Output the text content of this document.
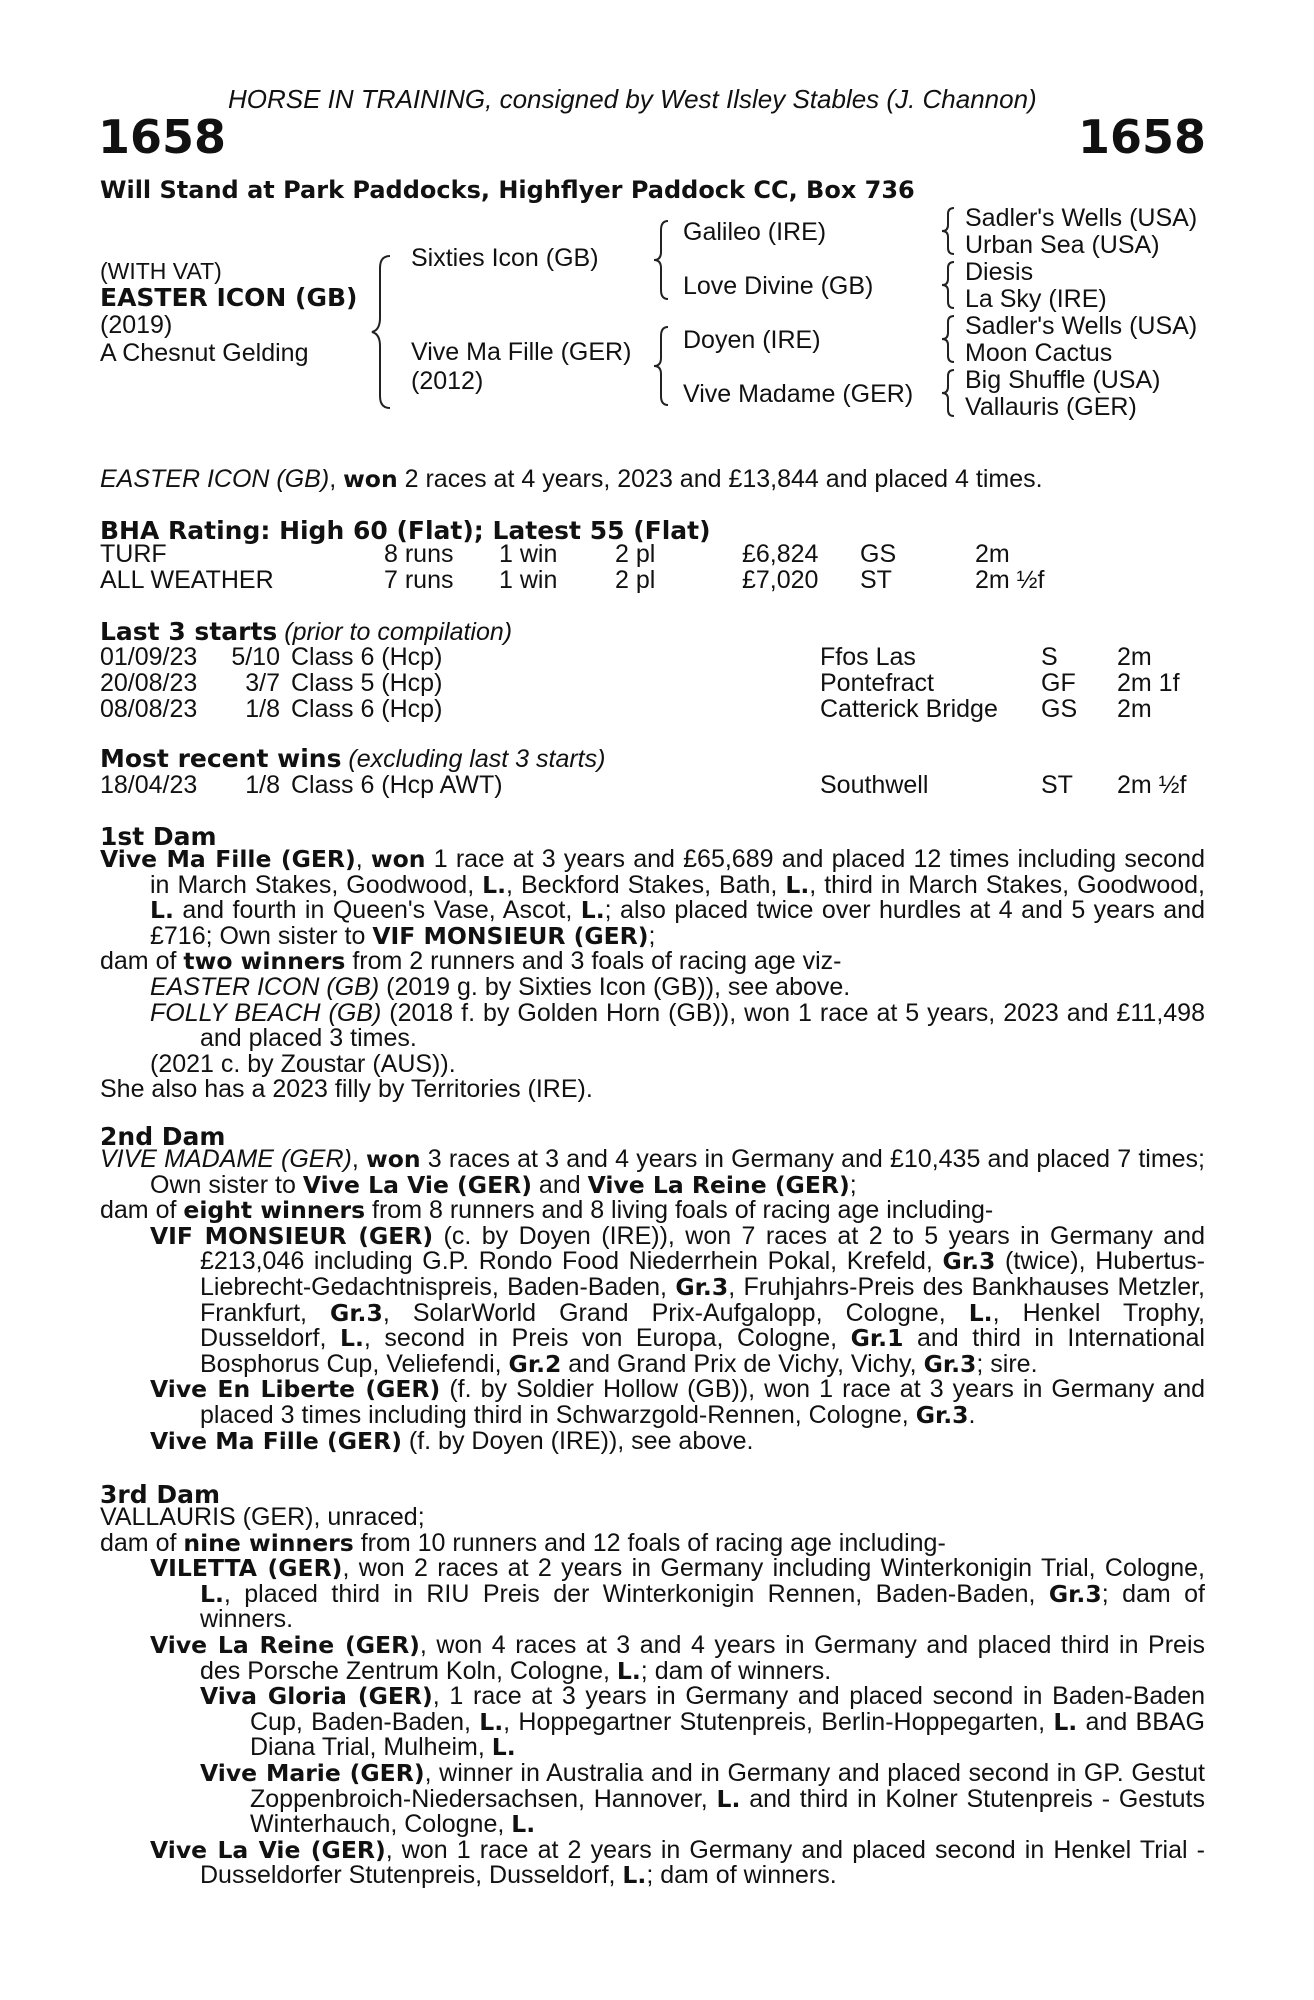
HORSE IN TRAINING, consigned by West Ilsley Stables (J. Channon)
1658	1658
Will Stand at Park Paddocks, Highflyer Paddock CC, Box 736
(WITH VAT)
EASTER ICON (GB)
(2019)
A Chesnut Gelding
Sixties Icon (GB)
Vive Ma Fille (GER)
(2012)
Galileo (IRE)
Love Divine (GB)
Doyen (IRE)
Vive Madame (GER)
Sadler's Wells (USA)
Urban Sea (USA)
Diesis
La Sky (IRE)
Sadler's Wells (USA)
Moon Cactus
Big Shuffle (USA)
Vallauris (GER)
EASTER ICON (GB), won 2 races at 4 years, 2023 and £13,844 and placed 4 times.
BHA Rating: High 60 (Flat); Latest 55 (Flat)
TURF	8 runs 1 win 2 pl	£6,824 GS	2m
ALL WEATHER	7 runs 1 win 2 pl	£7,020 ST	2m ½f
Last 3 starts (prior to compilation)
01/09/23	5/10 Class 6 (Hcp)	Ffos Las	S 2m
20/08/23	3/7 Class 5 (Hcp)	Pontefract	GF 2m 1f
08/08/23	1/8 Class 6 (Hcp)	Catterick Bridge GS 2m
Most recent wins (excluding last 3 starts)
18/04/23	1/8 Class 6 (Hcp AWT)	Southwell	ST 2m ½f
1st Dam

Vive Ma Fille (GER), won 1 race at 3 years and £65,689 and placed 12 times including second in March Stakes, Goodwood, L., Beckford Stakes, Bath, L., third in March Stakes, Goodwood, L. and fourth in Queen's Vase, Ascot, L.; also placed twice over hurdles at 4 and 5 years and £716; Own sister to VIF MONSIEUR (GER);

dam of two winners from 2 runners and 3 foals of racing age viz-

EASTER ICON (GB) (2019 g. by Sixties Icon (GB)), see above.

FOLLY BEACH (GB) (2018 f. by Golden Horn (GB)), won 1 race at 5 years, 2023 and £11,498 and placed 3 times.

(2021 c. by Zoustar (AUS)).

She also has a 2023 filly by Territories (IRE).

2nd Dam

VIVE MADAME (GER), won 3 races at 3 and 4 years in Germany and £10,435 and placed 7 times; Own sister to Vive La Vie (GER) and Vive La Reine (GER);

dam of eight winners from 8 runners and 8 living foals of racing age including-

VIF MONSIEUR (GER) (c. by Doyen (IRE)), won 7 races at 2 to 5 years in Germany and £213,046 including G.P. Rondo Food Niederrhein Pokal, Krefeld, Gr.3 (twice), Hubertus-Liebrecht-Gedachtnispreis, Baden-Baden, Gr.3, Fruhjahrs-Preis des Bankhauses Metzler, Frankfurt, Gr.3, SolarWorld Grand Prix-Aufgalopp, Cologne, L., Henkel Trophy, Dusseldorf, L., second in Preis von Europa, Cologne, Gr.1 and third in International Bosphorus Cup, Veliefendi, Gr.2 and Grand Prix de Vichy, Vichy, Gr.3; sire.

Vive En Liberte (GER) (f. by Soldier Hollow (GB)), won 1 race at 3 years in Germany and placed 3 times including third in Schwarzgold-Rennen, Cologne, Gr.3.

Vive Ma Fille (GER) (f. by Doyen (IRE)), see above.

3rd Dam

VALLAURIS (GER), unraced;

dam of nine winners from 10 runners and 12 foals of racing age including-

VILETTA (GER), won 2 races at 2 years in Germany including Winterkonigin Trial, Cologne, L., placed third in RIU Preis der Winterkonigin Rennen, Baden-Baden, Gr.3; dam of winners.

Vive La Reine (GER), won 4 races at 3 and 4 years in Germany and placed third in Preis des Porsche Zentrum Koln, Cologne, L.; dam of winners.

Viva Gloria (GER), 1 race at 3 years in Germany and placed second in Baden-Baden Cup, Baden-Baden, L., Hoppegartner Stutenpreis, Berlin-Hoppegarten, L. and BBAG Diana Trial, Mulheim, L.

Vive Marie (GER), winner in Australia and in Germany and placed second in GP. Gestut Zoppenbroich-Niedersachsen, Hannover, L. and third in Kolner Stutenpreis - Gestuts Winterhauch, Cologne, L.

Vive La Vie (GER), won 1 race at 2 years in Germany and placed second in Henkel Trial - Dusseldorfer Stutenpreis, Dusseldorf, L.; dam of winners.
